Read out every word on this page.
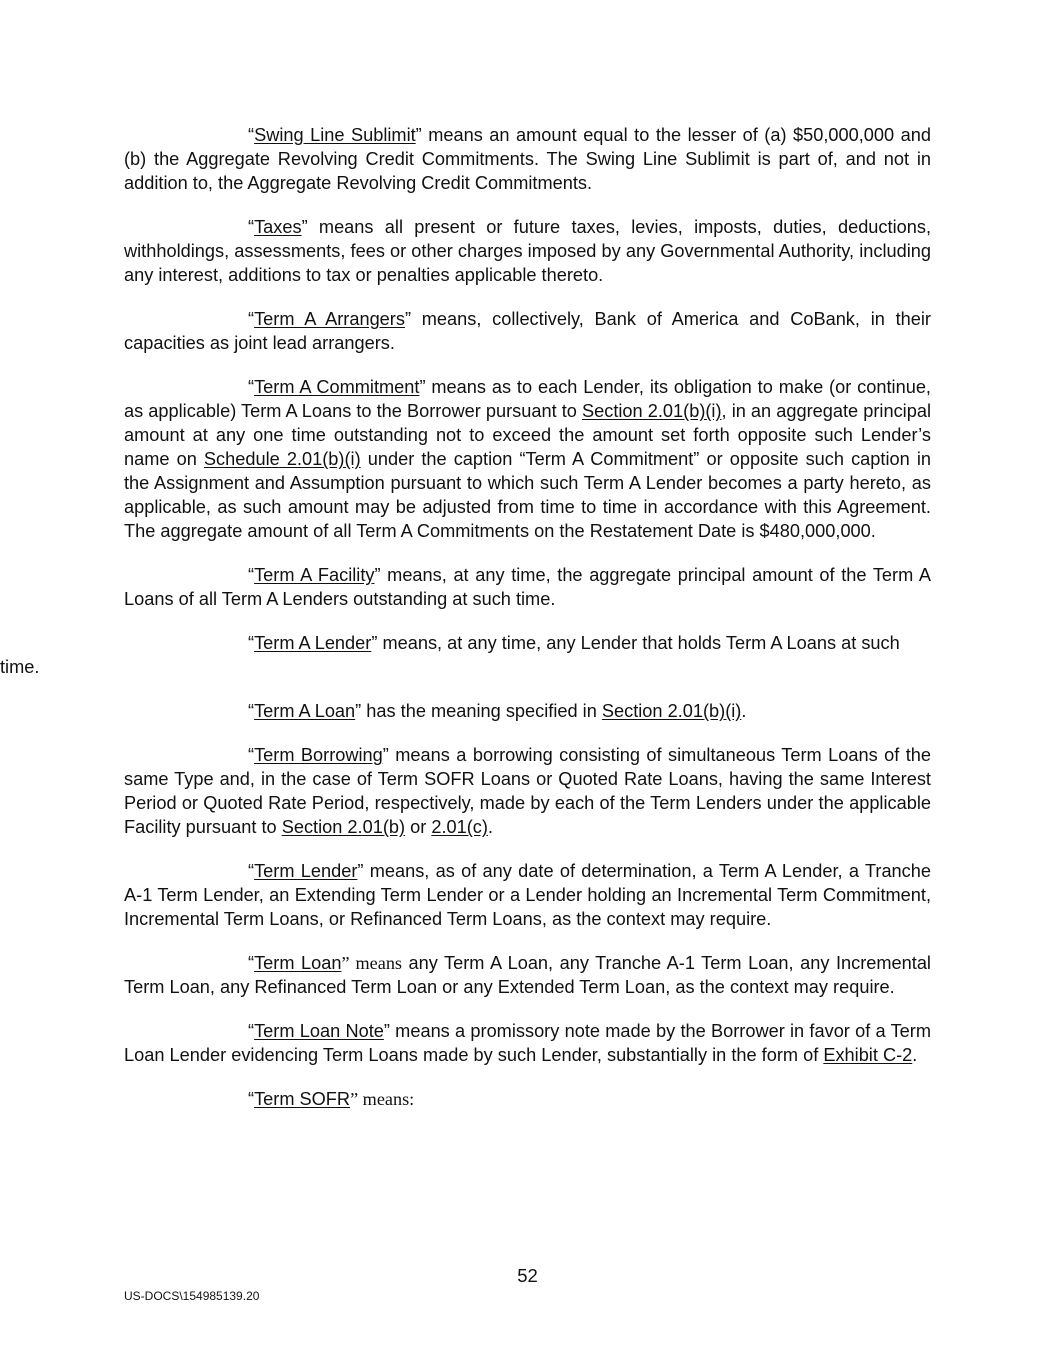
“Swing Line Sublimit” means an amount equal to the lesser of (a) $50,000,000 and (b) the Aggregate Revolving Credit Commitments. The Swing Line Sublimit is part of, and not in addition to, the Aggregate Revolving Credit Commitments.

“Taxes” means all present or future taxes, levies, imposts, duties, deductions, withholdings, assessments, fees or other charges imposed by any Governmental Authority, including any interest, additions to tax or penalties applicable thereto.

“Term A Arrangers” means, collectively, Bank of America and CoBank, in their capacities as joint lead arrangers.

“Term A Commitment” means as to each Lender, its obligation to make (or continue, as applicable) Term A Loans to the Borrower pursuant to Section 2.01(b)(i), in an aggregate principal amount at any one time outstanding not to exceed the amount set forth opposite such Lender’s name on Schedule 2.01(b)(i) under the caption “Term A Commitment” or opposite such caption in the Assignment and Assumption pursuant to which such Term A Lender becomes a party hereto, as applicable, as such amount may be adjusted from time to time in accordance with this Agreement. The aggregate amount of all Term A Commitments on the Restatement Date is $480,000,000.

“Term A Facility” means, at any time, the aggregate principal amount of the Term A Loans of all Term A Lenders outstanding at such time.

“Term A Lender” means, at any time, any Lender that holds Term A Loans at such
time.

“Term A Loan” has the meaning specified in Section 2.01(b)(i).

“Term Borrowing” means a borrowing consisting of simultaneous Term Loans of the same Type and, in the case of Term SOFR Loans or Quoted Rate Loans, having the same Interest Period or Quoted Rate Period, respectively, made by each of the Term Lenders under the applicable Facility pursuant to Section 2.01(b) or 2.01(c).

“Term Lender” means, as of any date of determination, a Term A Lender, a Tranche A-1 Term Lender, an Extending Term Lender or a Lender holding an Incremental Term Commitment, Incremental Term Loans, or Refinanced Term Loans, as the context may require.

“Term Loan” means any Term A Loan, any Tranche A-1 Term Loan, any Incremental Term Loan, any Refinanced Term Loan or any Extended Term Loan, as the context may require.

“Term Loan Note” means a promissory note made by the Borrower in favor of a Term Loan Lender evidencing Term Loans made by such Lender, substantially in the form of Exhibit C-2.

“Term SOFR” means:

52
US-DOCS\154985139.20
